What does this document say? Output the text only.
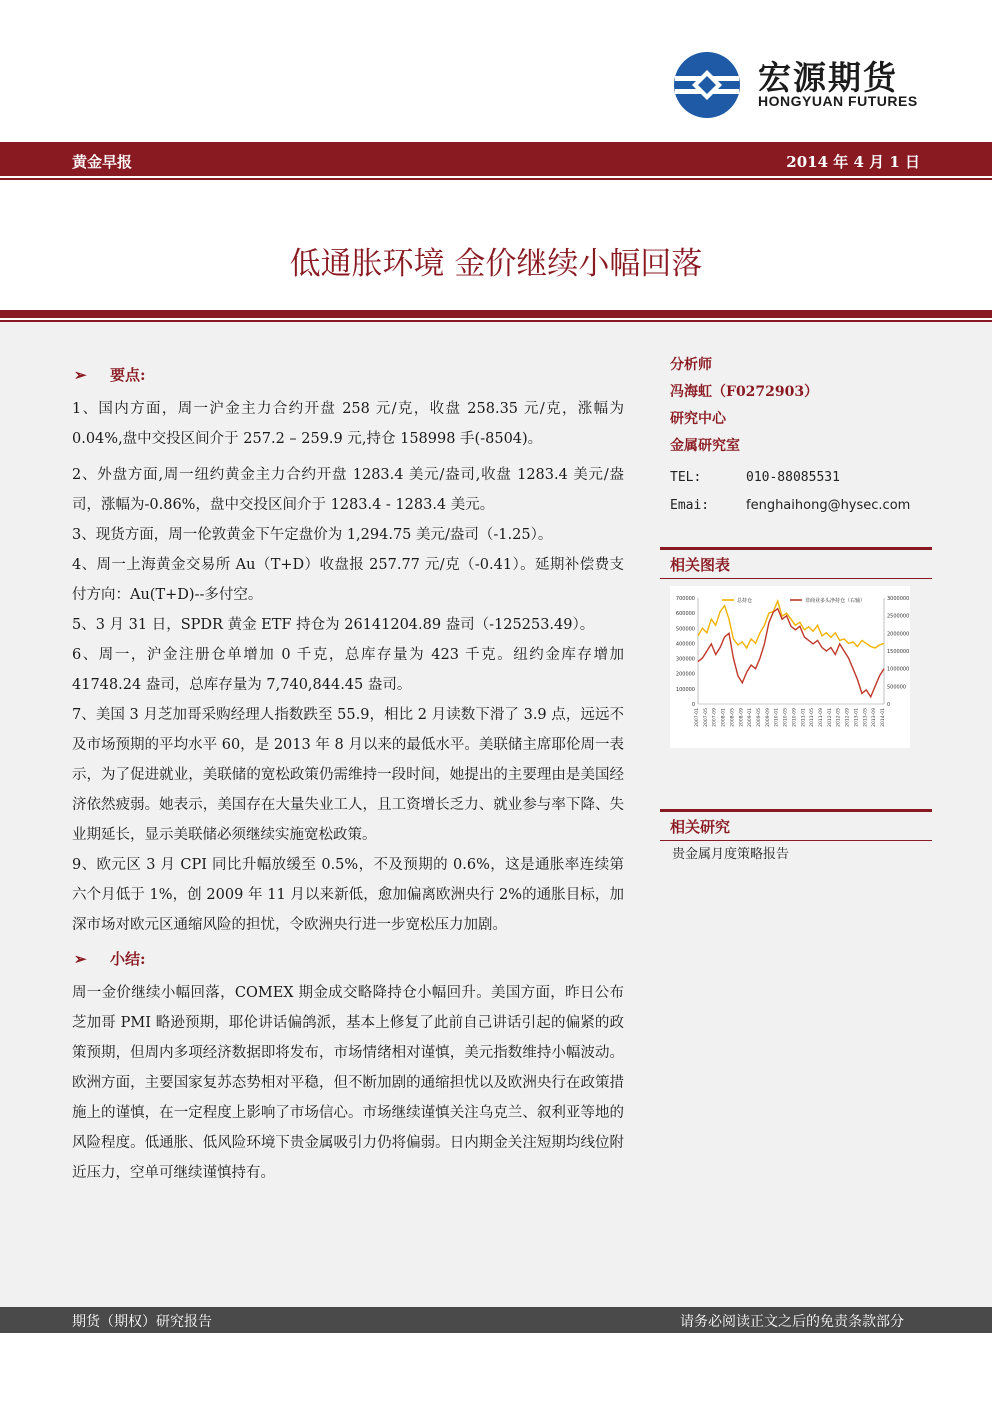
宏源期货
HONGYUAN FUTURES
黄金早报	2014 年 4 月 1 日
低通胀环境 金价继续小幅回落
➢ 要点:

1、国内方面，周一沪金主力合约开盘 258 元/克，收盘 258.35 元/克，涨幅为 0.04%,盘中交投区间介于 257.2 – 259.9 元,持仓 158998 手(-8504)。

2、外盘方面,周一纽约黄金主力合约开盘 1283.4 美元/盎司,收盘 1283.4 美元/盎司，涨幅为-0.86%，盘中交投区间介于 1283.4 - 1283.4 美元。

3、现货方面，周一伦敦黄金下午定盘价为 1,294.75 美元/盎司（-1.25）。

4、周一上海黄金交易所 Au（T+D）收盘报 257.77 元/克（-0.41）。延期补偿费支付方向：Au(T+D)--多付空。

5、3 月 31 日，SPDR 黄金 ETF 持仓为 26141204.89 盎司（-125253.49）。

6、周一，沪金注册仓单增加 0 千克，总库存量为 423 千克。纽约金库存增加 41748.24 盎司，总库存量为 7,740,844.45 盎司。

7、美国 3 月芝加哥采购经理人指数跌至 55.9，相比 2 月读数下滑了 3.9 点，远远不及市场预期的平均水平 60，是 2013 年 8 月以来的最低水平。美联储主席耶伦周一表示，为了促进就业，美联储的宽松政策仍需维持一段时间，她提出的主要理由是美国经济依然疲弱。她表示，美国存在大量失业工人，且工资增长乏力、就业参与率下降、失业期延长，显示美联储必须继续实施宽松政策。

9、欧元区 3 月 CPI 同比升幅放缓至 0.5%，不及预期的 0.6%，这是通胀率连续第六个月低于 1%，创 2009 年 11 月以来新低，愈加偏离欧洲央行 2%的通胀目标，加深市场对欧元区通缩风险的担忧，令欧洲央行进一步宽松压力加剧。

➢ 小结:

周一金价继续小幅回落，COMEX 期金成交略降持仓小幅回升。美国方面，昨日公布芝加哥 PMI 略逊预期，耶伦讲话偏鸽派，基本上修复了此前自己讲话引起的偏紧的政策预期，但周内多项经济数据即将发布，市场情绪相对谨慎，美元指数维持小幅波动。欧洲方面，主要国家复苏态势相对平稳，但不断加剧的通缩担忧以及欧洲央行在政策措施上的谨慎，在一定程度上影响了市场信心。市场继续谨慎关注乌克兰、叙利亚等地的风险程度。低通胀、低风险环境下贵金属吸引力仍将偏弱。日内期金关注短期均线位附近压力，空单可继续谨慎持有。

分析师
冯海虹（F0272903）
研究中心
金属研究室
TEL:	010-88085531
Emai:	fenghaihong@hysec.com
相关图表
700000
600000
500000
400000
300000
200000
100000
0
3000000
2500000
2000000
1500000
1000000
500000
0
2007-01 2007-05 2007-09 2008-01 2008-05 2008-09 2009-01 2009-05 2009-09 2010-01 2010-05 2010-09 2011-01 2011-05 2011-09 2012-01 2012-05 2012-09 2013-01 2013-05 2013-09 2014-01
总持仓	非商业多头净持仓（右轴）
相关研究
贵金属月度策略报告
期货（期权）研究报告	请务必阅读正文之后的免责条款部分
